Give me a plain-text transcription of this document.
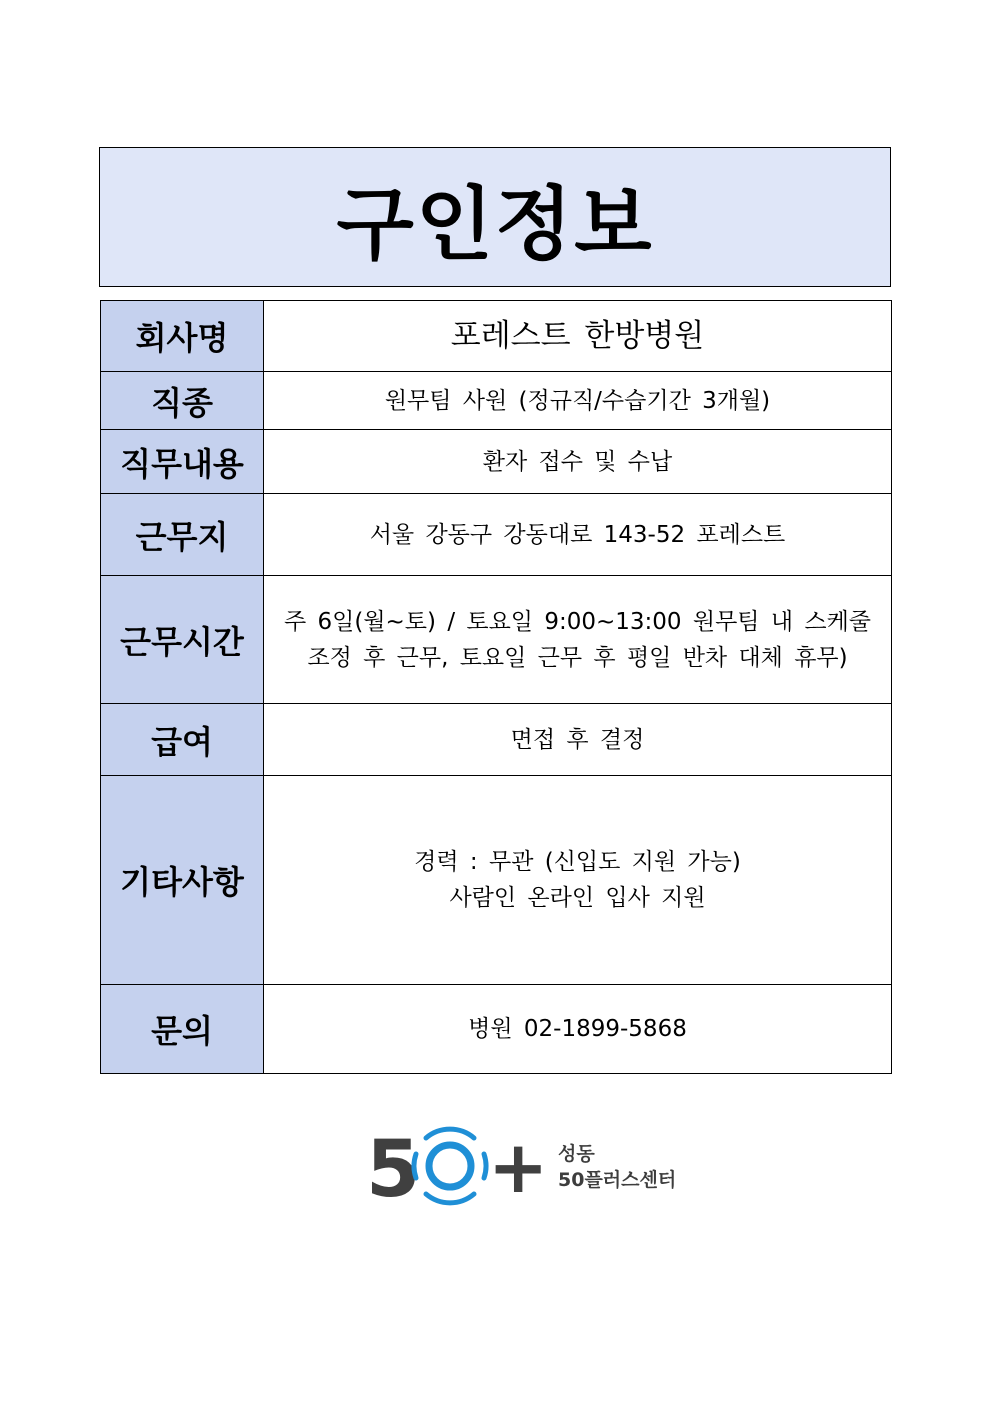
구인정보
회사명	포레스트 한방병원

직종	원무팀 사원 (정규직/수습기간 3개월)

직무내용	환자 접수 및 수납

근무지	서울 강동구 강동대로 143-52 포레스트

근무시간	주 6일(월~토) / 토요일 9:00~13:00 원무팀 내 스케줄
조정 후 근무, 토요일 근무 후 평일 반차 대체 휴무)

급여	면접 후 결정

기타사항	경력 : 무관 (신입도 지원 가능)
사람인 온라인 입사 지원

문의	병원 02-1899-5868
5 + 성동
50플러스센터
